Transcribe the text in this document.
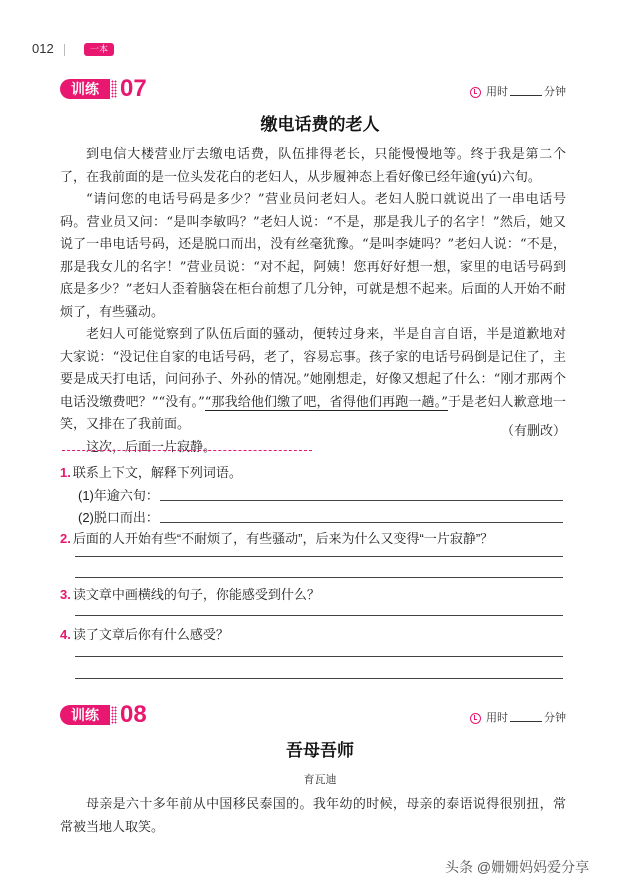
012	一本
训练 07	用时	分钟
缴电话费的老人

到电信大楼营业厅去缴电话费，队伍排得老长，只能慢慢地等。终于我是第二个了，在我前面的是一位头发花白的老妇人，从步履神态上看好像已经年逾(yú)六旬。

“请问您的电话号码是多少？”营业员问老妇人。老妇人脱口就说出了一串电话号码。营业员又问：“是叫李敏吗？”老妇人说：“不是，那是我儿子的名字！”然后，她又说了一串电话号码，还是脱口而出，没有丝毫犹豫。“是叫李婕吗？”老妇人说：“不是，那是我女儿的名字！”营业员说：“对不起，阿姨！您再好好想一想，家里的电话号码到底是多少？”老妇人歪着脑袋在柜台前想了几分钟，可就是想不起来。后面的人开始不耐烦了，有些骚动。

老妇人可能觉察到了队伍后面的骚动，便转过身来，半是自言自语，半是道歉地对大家说：“没记住自家的电话号码，老了，容易忘事。孩子家的电话号码倒是记住了，主要是成天打电话，问问孙子、外孙的情况。”她刚想走，好像又想起了什么：“刚才那两个电话没缴费吧？”“没有。”“那我给他们缴了吧，省得他们再跑一趟。”于是老妇人歉意地一笑，又排在了我前面。

这次，后面一片寂静。

（有删改）
1. 联系上下文，解释下列词语。
(1)年逾六旬：
(2)脱口而出：
2. 后面的人开始有些“不耐烦了，有些骚动”，后来为什么又变得“一片寂静”？
3. 读文章中画横线的句子，你能感受到什么？
4. 读了文章后你有什么感受？
训练 08	用时	分钟
吾母吾师
育瓦迪

母亲是六十多年前从中国移民泰国的。我年幼的时候，母亲的泰语说得很别扭，常常被当地人取笑。

头条 @姗姗妈妈爱分享
